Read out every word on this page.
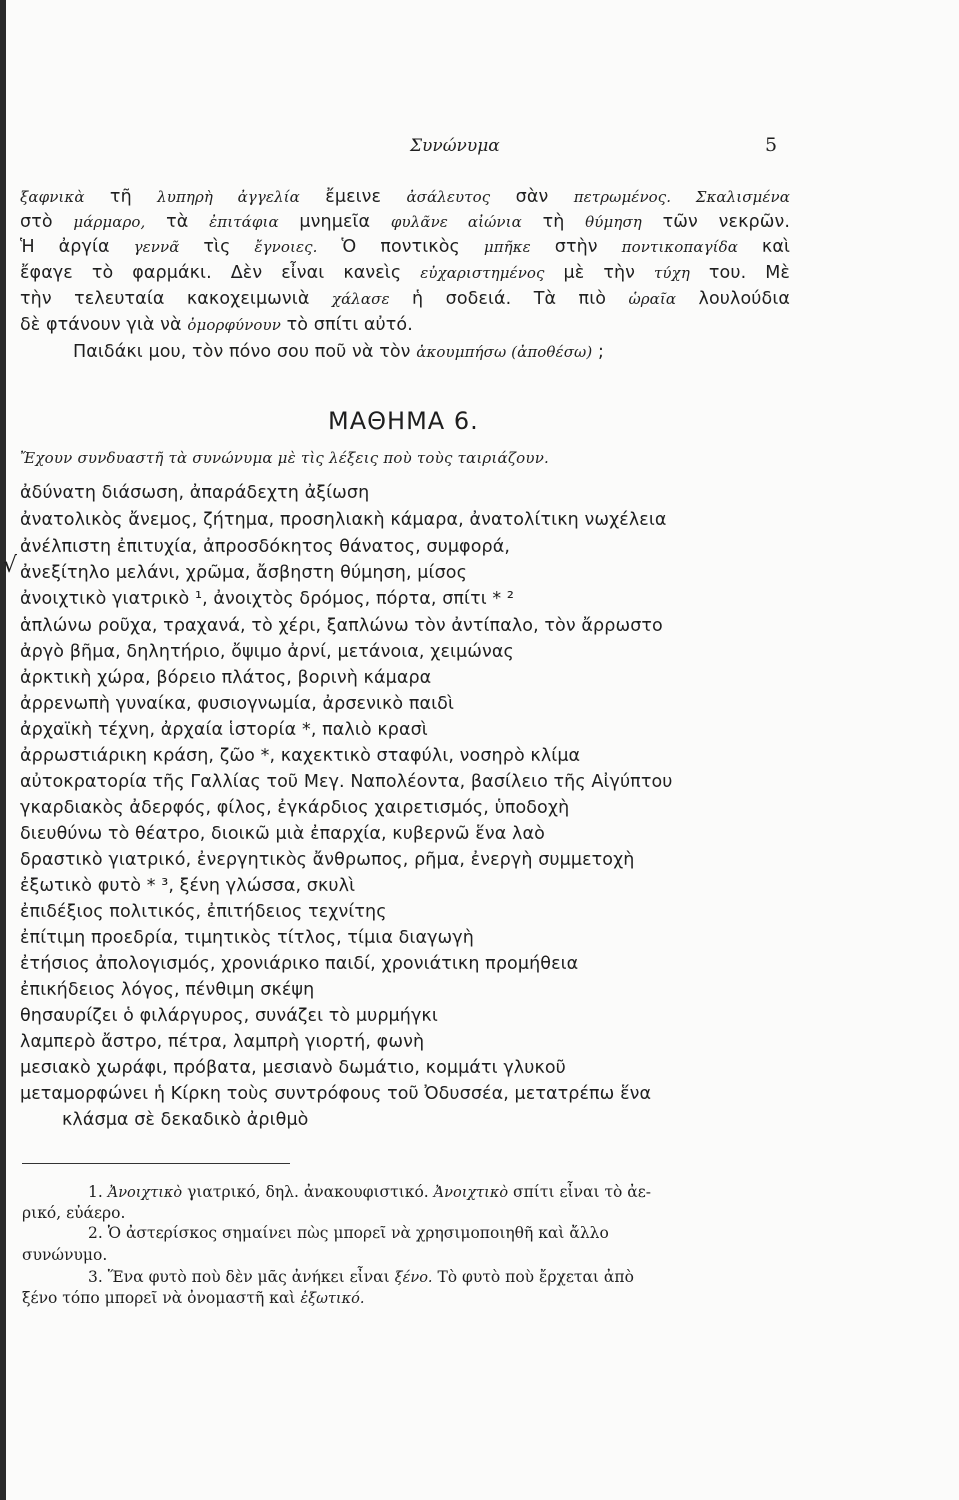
Συνώνυμα	5
ξαφνικὰ τῆ λυπηρὴ ἀγγελία ἔμεινε ἀσάλευτος σὰν πετρωμένος. Σκαλισμένα
στὸ μάρμαρο, τὰ ἐπιτάφια μνημεῖα φυλᾶνε αἰώνια τὴ θύμηση τῶν νεκρῶν.
Ἡ ἀργία γεννᾶ τὶς ἔγνοιες. Ὁ ποντικὸς μπῆκε στὴν ποντικοπαγίδα καὶ
ἔφαγε τὸ φαρμάκι. Δὲν εἶναι κανεὶς εὐχαριστημένος μὲ τὴν τύχη του. Μὲ
τὴν τελευταία κακοχειμωνιὰ χάλασε ἡ σοδειά. Τὰ πιὸ ὡραῖα λουλούδια
δὲ φτάνουν γιὰ νὰ ὀμορφύνουν τὸ σπίτι αὐτό.
Παιδάκι μου, τὸν πόνο σου ποῦ νὰ τὸν ἀκουμπήσω (ἀποθέσω) ;
ΜΑΘΗΜΑ 6.
Ἔχουν συνδυαστῆ τὰ συνώνυμα μὲ τὶς λέξεις ποὺ τοὺς ταιριάζουν.
√
ἀδύνατη διάσωση, ἀπαράδεχτη ἀξίωση
ἀνατολικὸς ἄνεμος, ζήτημα, προσηλιακὴ κάμαρα, ἀνατολίτικη νωχέλεια
ἀνέλπιστη ἐπιτυχία, ἀπροσδόκητος θάνατος, συμφορά,
ἀνεξίτηλο μελάνι, χρῶμα, ἄσβηστη θύμηση, μίσος
ἀνοιχτικὸ γιατρικὸ ¹, ἀνοιχτὸς δρόμος, πόρτα, σπίτι * ²
ἁπλώνω ροῦχα, τραχανά, τὸ χέρι, ξαπλώνω τὸν ἀντίπαλο, τὸν ἄρρωστο
ἀργὸ βῆμα, δηλητήριο, ὄψιμο ἀρνί, μετάνοια, χειμώνας
ἀρκτικὴ χώρα, βόρειο πλάτος, βορινὴ κάμαρα
ἀρρενωπὴ γυναίκα, φυσιογνωμία, ἀρσενικὸ παιδὶ
ἀρχαϊκὴ τέχνη, ἀρχαία ἱστορία *, παλιὸ κρασὶ
ἀρρωστιάρικη κράση, ζῶο *, καχεκτικὸ σταφύλι, νοσηρὸ κλίμα
αὐτοκρατορία τῆς Γαλλίας τοῦ Μεγ. Ναπολέοντα, βασίλειο τῆς Αἰγύπτου
γκαρδιακὸς ἀδερφός, φίλος, ἐγκάρδιος χαιρετισμός, ὑποδοχὴ
διευθύνω τὸ θέατρο, διοικῶ μιὰ ἐπαρχία, κυβερνῶ ἕνα λαὸ
δραστικὸ γιατρικό, ἐνεργητικὸς ἄνθρωπος, ρῆμα, ἐνεργὴ συμμετοχὴ
ἐξωτικὸ φυτὸ * ³, ξένη γλώσσα, σκυλὶ
ἐπιδέξιος πολιτικός, ἐπιτήδειος τεχνίτης
ἐπίτιμη προεδρία, τιμητικὸς τίτλος, τίμια διαγωγὴ
ἐτήσιος ἀπολογισμός, χρονιάρικο παιδί, χρονιάτικη προμήθεια
ἐπικήδειος λόγος, πένθιμη σκέψη
θησαυρίζει ὁ φιλάργυρος, συνάζει τὸ μυρμήγκι
λαμπερὸ ἄστρο, πέτρα, λαμπρὴ γιορτή, φωνὴ
μεσιακὸ χωράφι, πρόβατα, μεσιανὸ δωμάτιο, κομμάτι γλυκοῦ
μεταμορφώνει ἡ Κίρκη τοὺς συντρόφους τοῦ Ὀδυσσέα, μετατρέπω ἕνα
κλάσμα σὲ δεκαδικὸ ἀριθμὸ
1. Ἀνοιχτικὸ γιατρικό, δηλ. ἀνακουφιστικό. Ἀνοιχτικὸ σπίτι εἶναι τὸ ἀε-
ρικό, εὐάερο.
2. Ὁ ἀστερίσκος σημαίνει πὼς μπορεῖ νὰ χρησιμοποιηθῆ καὶ ἄλλο
συνώνυμο.
3. Ἕνα φυτὸ ποὺ δὲν μᾶς ἀνήκει εἶναι ξένο. Τὸ φυτὸ ποὺ ἔρχεται ἀπὸ
ξένο τόπο μπορεῖ νὰ ὀνομαστῆ καὶ ἐξωτικό.
